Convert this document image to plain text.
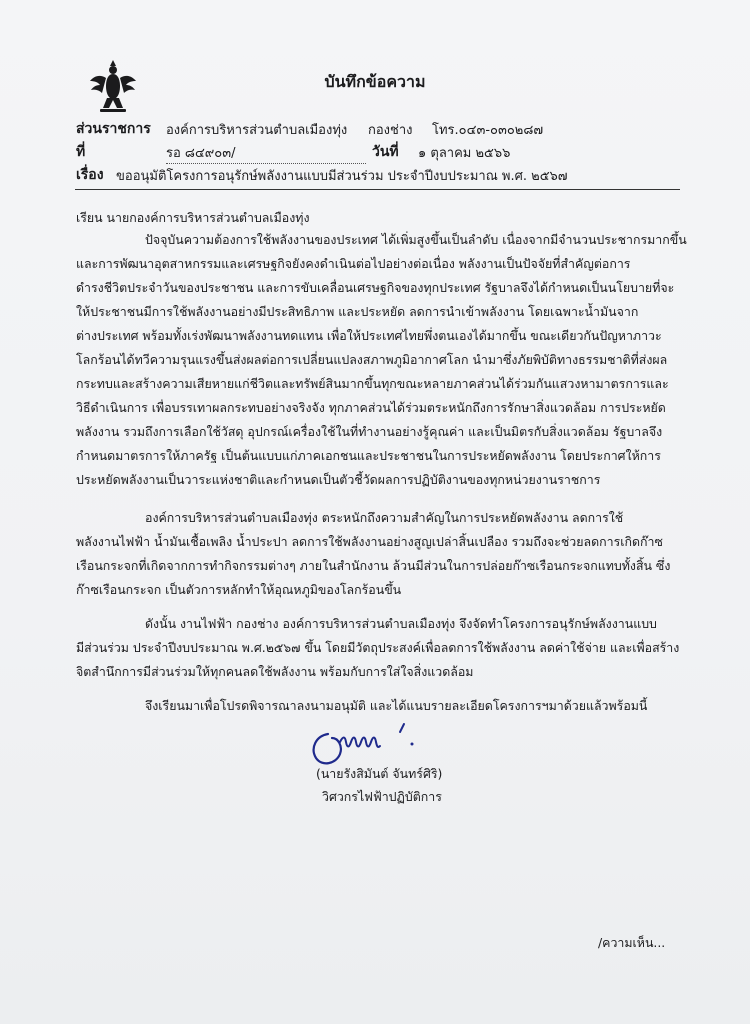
บันทึกข้อความ
ส่วนราชการ องค์การบริหารส่วนตำบลเมืองทุ่ง กองช่าง โทร.๐๔๓-๐๓๐๒๘๗
ที่	รอ ๘๔๙๐๓/	วันที่ ๑ ตุลาคม ๒๕๖๖
เรื่อง ขออนุมัติโครงการอนุรักษ์พลังงานแบบมีส่วนร่วม ประจำปีงบประมาณ พ.ศ. ๒๕๖๗
เรียน นายกองค์การบริหารส่วนตำบลเมืองทุ่ง
ปัจจุบันความต้องการใช้พลังงานของประเทศ ได้เพิ่มสูงขึ้นเป็นลำดับ เนื่องจากมีจำนวนประชากรมากขึ้น
และการพัฒนาอุตสาหกรรมและเศรษฐกิจยังคงดำเนินต่อไปอย่างต่อเนื่อง พลังงานเป็นปัจจัยที่สำคัญต่อการ
ดำรงชีวิตประจำวันของประชาชน และการขับเคลื่อนเศรษฐกิจของทุกประเทศ รัฐบาลจึงได้กำหนดเป็นนโยบายที่จะ
ให้ประชาชนมีการใช้พลังงานอย่างมีประสิทธิภาพ และประหยัด ลดการนำเข้าพลังงาน โดยเฉพาะน้ำมันจาก
ต่างประเทศ พร้อมทั้งเร่งพัฒนาพลังงานทดแทน เพื่อให้ประเทศไทยพึ่งตนเองได้มากขึ้น ขณะเดียวกันปัญหาภาวะ
โลกร้อนได้ทวีความรุนแรงขึ้นส่งผลต่อการเปลี่ยนแปลงสภาพภูมิอากาศโลก นำมาซึ่งภัยพิบัติทางธรรมชาติที่ส่งผล
กระทบและสร้างความเสียหายแก่ชีวิตและทรัพย์สินมากขึ้นทุกขณะหลายภาคส่วนได้ร่วมกันแสวงหามาตรการและ
วิธีดำเนินการ เพื่อบรรเทาผลกระทบอย่างจริงจัง ทุกภาคส่วนได้ร่วมตระหนักถึงการรักษาสิ่งแวดล้อม การประหยัด
พลังงาน รวมถึงการเลือกใช้วัสดุ อุปกรณ์เครื่องใช้ในที่ทำงานอย่างรู้คุณค่า และเป็นมิตรกับสิ่งแวดล้อม รัฐบาลจึง
กำหนดมาตรการให้ภาครัฐ เป็นต้นแบบแก่ภาคเอกชนและประชาชนในการประหยัดพลังงาน โดยประกาศให้การ
ประหยัดพลังงานเป็นวาระแห่งชาติและกำหนดเป็นตัวชี้วัดผลการปฏิบัติงานของทุกหน่วยงานราชการ
องค์การบริหารส่วนตำบลเมืองทุ่ง ตระหนักถึงความสำคัญในการประหยัดพลังงาน ลดการใช้
พลังงานไฟฟ้า น้ำมันเชื้อเพลิง น้ำประปา ลดการใช้พลังงานอย่างสูญเปล่าสิ้นเปลือง รวมถึงจะช่วยลดการเกิดก๊าซ
เรือนกระจกที่เกิดจากการทำกิจกรรมต่างๆ ภายในสำนักงาน ล้วนมีส่วนในการปล่อยก๊าซเรือนกระจกแทบทั้งสิ้น ซึ่ง
ก๊าซเรือนกระจก เป็นตัวการหลักทำให้อุณหภูมิของโลกร้อนขึ้น
ดังนั้น งานไฟฟ้า กองช่าง องค์การบริหารส่วนตำบลเมืองทุ่ง จึงจัดทำโครงการอนุรักษ์พลังงานแบบ
มีส่วนร่วม ประจำปีงบประมาณ พ.ศ.๒๕๖๗ ขึ้น โดยมีวัตถุประสงค์เพื่อลดการใช้พลังงาน ลดค่าใช้จ่าย และเพื่อสร้าง
จิตสำนึกการมีส่วนร่วมให้ทุกคนลดใช้พลังงาน พร้อมกับการใส่ใจสิ่งแวดล้อม
จึงเรียนมาเพื่อโปรดพิจารณาลงนามอนุมัติ และได้แนบรายละเอียดโครงการฯมาด้วยแล้วพร้อมนี้
(นายรังสิมันต์ จันทร์ศิริ)
วิศวกรไฟฟ้าปฏิบัติการ
/ความเห็น...
